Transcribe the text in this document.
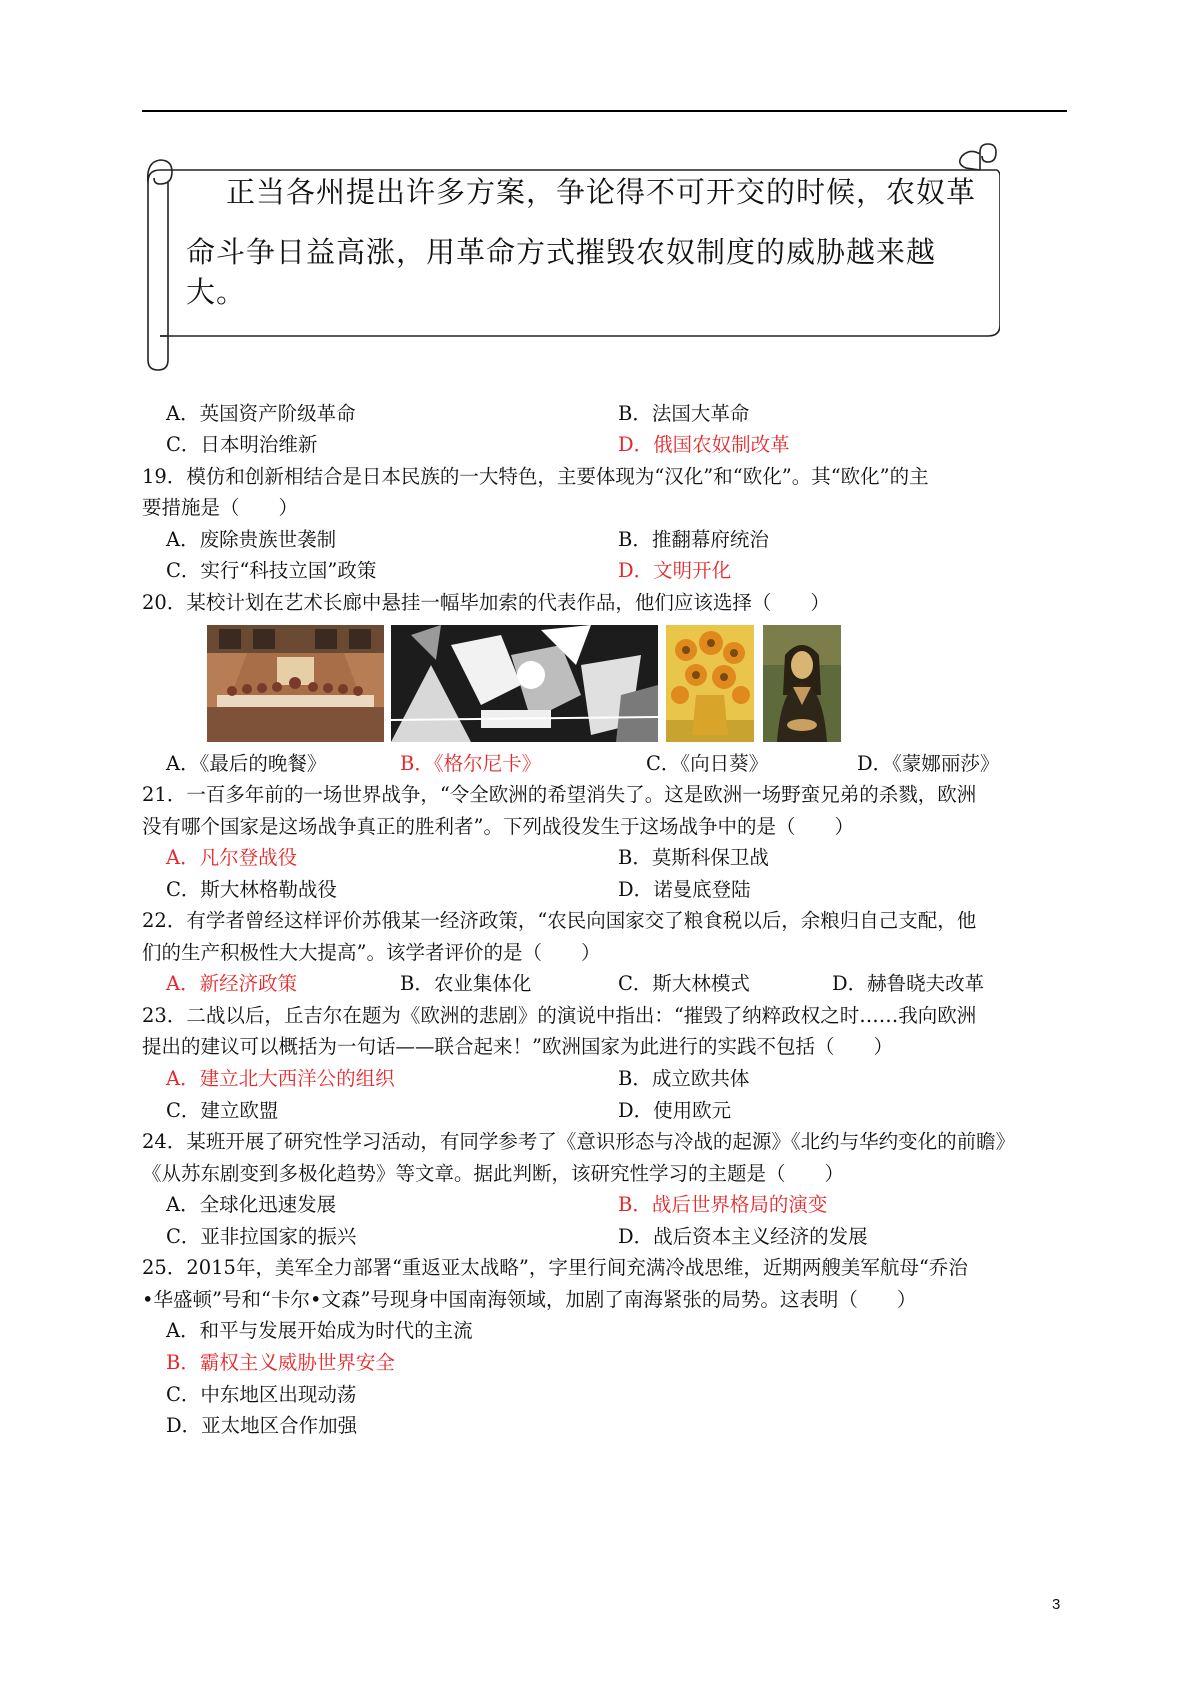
正当各州提出许多方案，争论得不可开交的时候，农奴革
命斗争日益高涨，用革命方式摧毁农奴制度的威胁越来越大。
A．英国资产阶级革命	B．法国大革命
C．日本明治维新	D．俄国农奴制改革
19．模仿和创新相结合是日本民族的一大特色，主要体现为“汉化”和“欧化”。其“欧化”的主
要措施是（　　）
A．废除贵族世袭制	B．推翻幕府统治
C．实行“科技立国”政策	D．文明开化
20．某校计划在艺术长廊中悬挂一幅毕加索的代表作品，他们应该选择（　　）
A．《最后的晚餐》	B．《格尔尼卡》	C．《向日葵》	D．《蒙娜丽莎》
21．一百多年前的一场世界战争，“令全欧洲的希望消失了。这是欧洲一场野蛮兄弟的杀戮，欧洲
没有哪个国家是这场战争真正的胜利者”。下列战役发生于这场战争中的是（　　）
A．凡尔登战役	B．莫斯科保卫战
C．斯大林格勒战役	D．诺曼底登陆
22．有学者曾经这样评价苏俄某一经济政策，“农民向国家交了粮食税以后，余粮归自己支配，他
们的生产积极性大大提高”。该学者评价的是（　　）
A．新经济政策	B．农业集体化	C．斯大林模式	D．赫鲁晓夫改革
23．二战以后，丘吉尔在题为《欧洲的悲剧》的演说中指出：“摧毁了纳粹政权之时……我向欧洲
提出的建议可以概括为一句话——联合起来！”欧洲国家为此进行的实践不包括（　　）
A．建立北大西洋公的组织	B．成立欧共体
C．建立欧盟	D．使用欧元
24．某班开展了研究性学习活动，有同学参考了《意识形态与冷战的起源》《北约与华约变化的前瞻》
《从苏东剧变到多极化趋势》等文章。据此判断，该研究性学习的主题是（　　）
A．全球化迅速发展	B．战后世界格局的演变
C．亚非拉国家的振兴	D．战后资本主义经济的发展
25．2015年，美军全力部署“重返亚太战略”，字里行间充满冷战思维，近期两艘美军航母“乔治
•华盛顿”号和“卡尔•文森”号现身中国南海领域，加剧了南海紧张的局势。这表明（　　）
A．和平与发展开始成为时代的主流
B．霸权主义威胁世界安全
C．中东地区出现动荡
D．亚太地区合作加强
3
